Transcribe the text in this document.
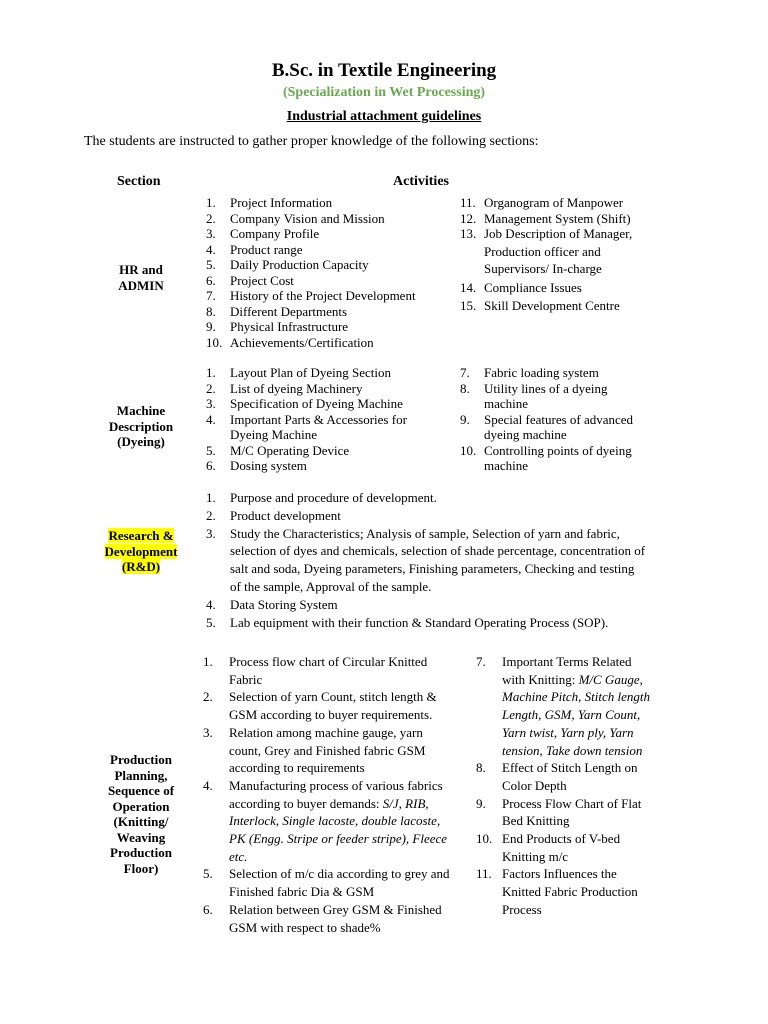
B.Sc. in Textile Engineering
(Specialization in Wet Processing)
Industrial attachment guidelines
The students are instructed to gather proper knowledge of the following sections:
Section	Activities
HR and
ADMIN
1. Project Information
2. Company Vision and Mission
3. Company Profile
4. Product range
5. Daily Production Capacity
6. Project Cost
7. History of the Project Development
8. Different Departments
9. Physical Infrastructure
10. Achievements/Certification
11. Organogram of Manpower
12. Management System (Shift)
13. Job Description of Manager, Production officer and Supervisors/ In-charge
14. Compliance Issues
15. Skill Development Centre
Machine
Description
(Dyeing)
1. Layout Plan of Dyeing Section
2. List of dyeing Machinery
3. Specification of Dyeing Machine
4. Important Parts & Accessories for Dyeing Machine
5. M/C Operating Device
6. Dosing system
7. Fabric loading system
8. Utility lines of a dyeing machine
9. Special features of advanced dyeing machine
10. Controlling points of dyeing machine
Research &
Development
(R&D)
1. Purpose and procedure of development.
2. Product development
3. Study the Characteristics; Analysis of sample, Selection of yarn and fabric, selection of dyes and chemicals, selection of shade percentage, concentration of salt and soda, Dyeing parameters, Finishing parameters, Checking and testing of the sample, Approval of the sample.
4. Data Storing System
5. Lab equipment with their function & Standard Operating Process (SOP).
Production
Planning,
Sequence of
Operation
(Knitting/
Weaving
Production
Floor)
1. Process flow chart of Circular Knitted Fabric
2. Selection of yarn Count, stitch length & GSM according to buyer requirements.
3. Relation among machine gauge, yarn count, Grey and Finished fabric GSM according to requirements
4. Manufacturing process of various fabrics according to buyer demands: S/J, RIB, Interlock, Single lacoste, double lacoste, PK (Engg. Stripe or feeder stripe), Fleece etc.
5. Selection of m/c dia according to grey and Finished fabric Dia & GSM
6. Relation between Grey GSM & Finished GSM with respect to shade%
7. Important Terms Related with Knitting: M/C Gauge, Machine Pitch, Stitch length Length, GSM, Yarn Count, Yarn twist, Yarn ply, Yarn tension, Take down tension
8. Effect of Stitch Length on Color Depth
9. Process Flow Chart of Flat Bed Knitting
10. End Products of V-bed Knitting m/c
11. Factors Influences the Knitted Fabric Production Process
